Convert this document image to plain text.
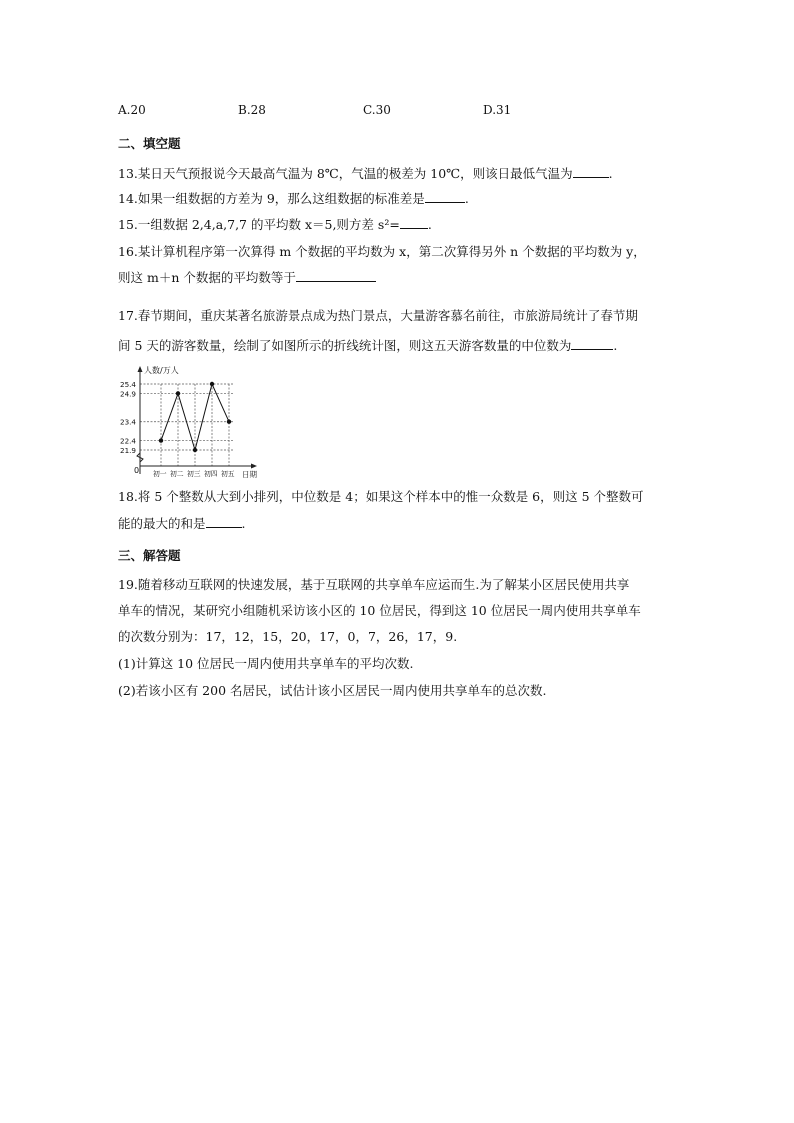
A.20	B.28	C.30	D.31
二、填空题
13.某日天气预报说今天最高气温为 8℃，气温的极差为 10℃，则该日最低气温为	.
14.如果一组数据的方差为 9，那么这组数据的标准差是	.
15.一组数据 2,4,a,7,7 的平均数 x＝5,则方差 s²= .
16.某计算机程序第一次算得 m 个数据的平均数为 x，第二次算得另外 n 个数据的平均数为 y，
则这 m＋n 个数据的平均数等于
17.春节期间，重庆某著名旅游景点成为热门景点，大量游客慕名前往，市旅游局统计了春节期
间 5 天的游客数量，绘制了如图所示的折线统计图，则这五天游客数量的中位数为	.
人数/万人
日期
0
25.4
24.9
23.4
22.4
21.9
初一 初二 初三 初四 初五
18.将 5 个整数从大到小排列，中位数是 4；如果这个样本中的惟一众数是 6，则这 5 个整数可
能的最大的和是	.
三、解答题
19.随着移动互联网的快速发展，基于互联网的共享单车应运而生.为了解某小区居民使用共享
单车的情况，某研究小组随机采访该小区的 10 位居民，得到这 10 位居民一周内使用共享单车
的次数分别为：17，12，15，20，17，0，7，26，17，9.
(1)计算这 10 位居民一周内使用共享单车的平均次数.
(2)若该小区有 200 名居民，试估计该小区居民一周内使用共享单车的总次数.
